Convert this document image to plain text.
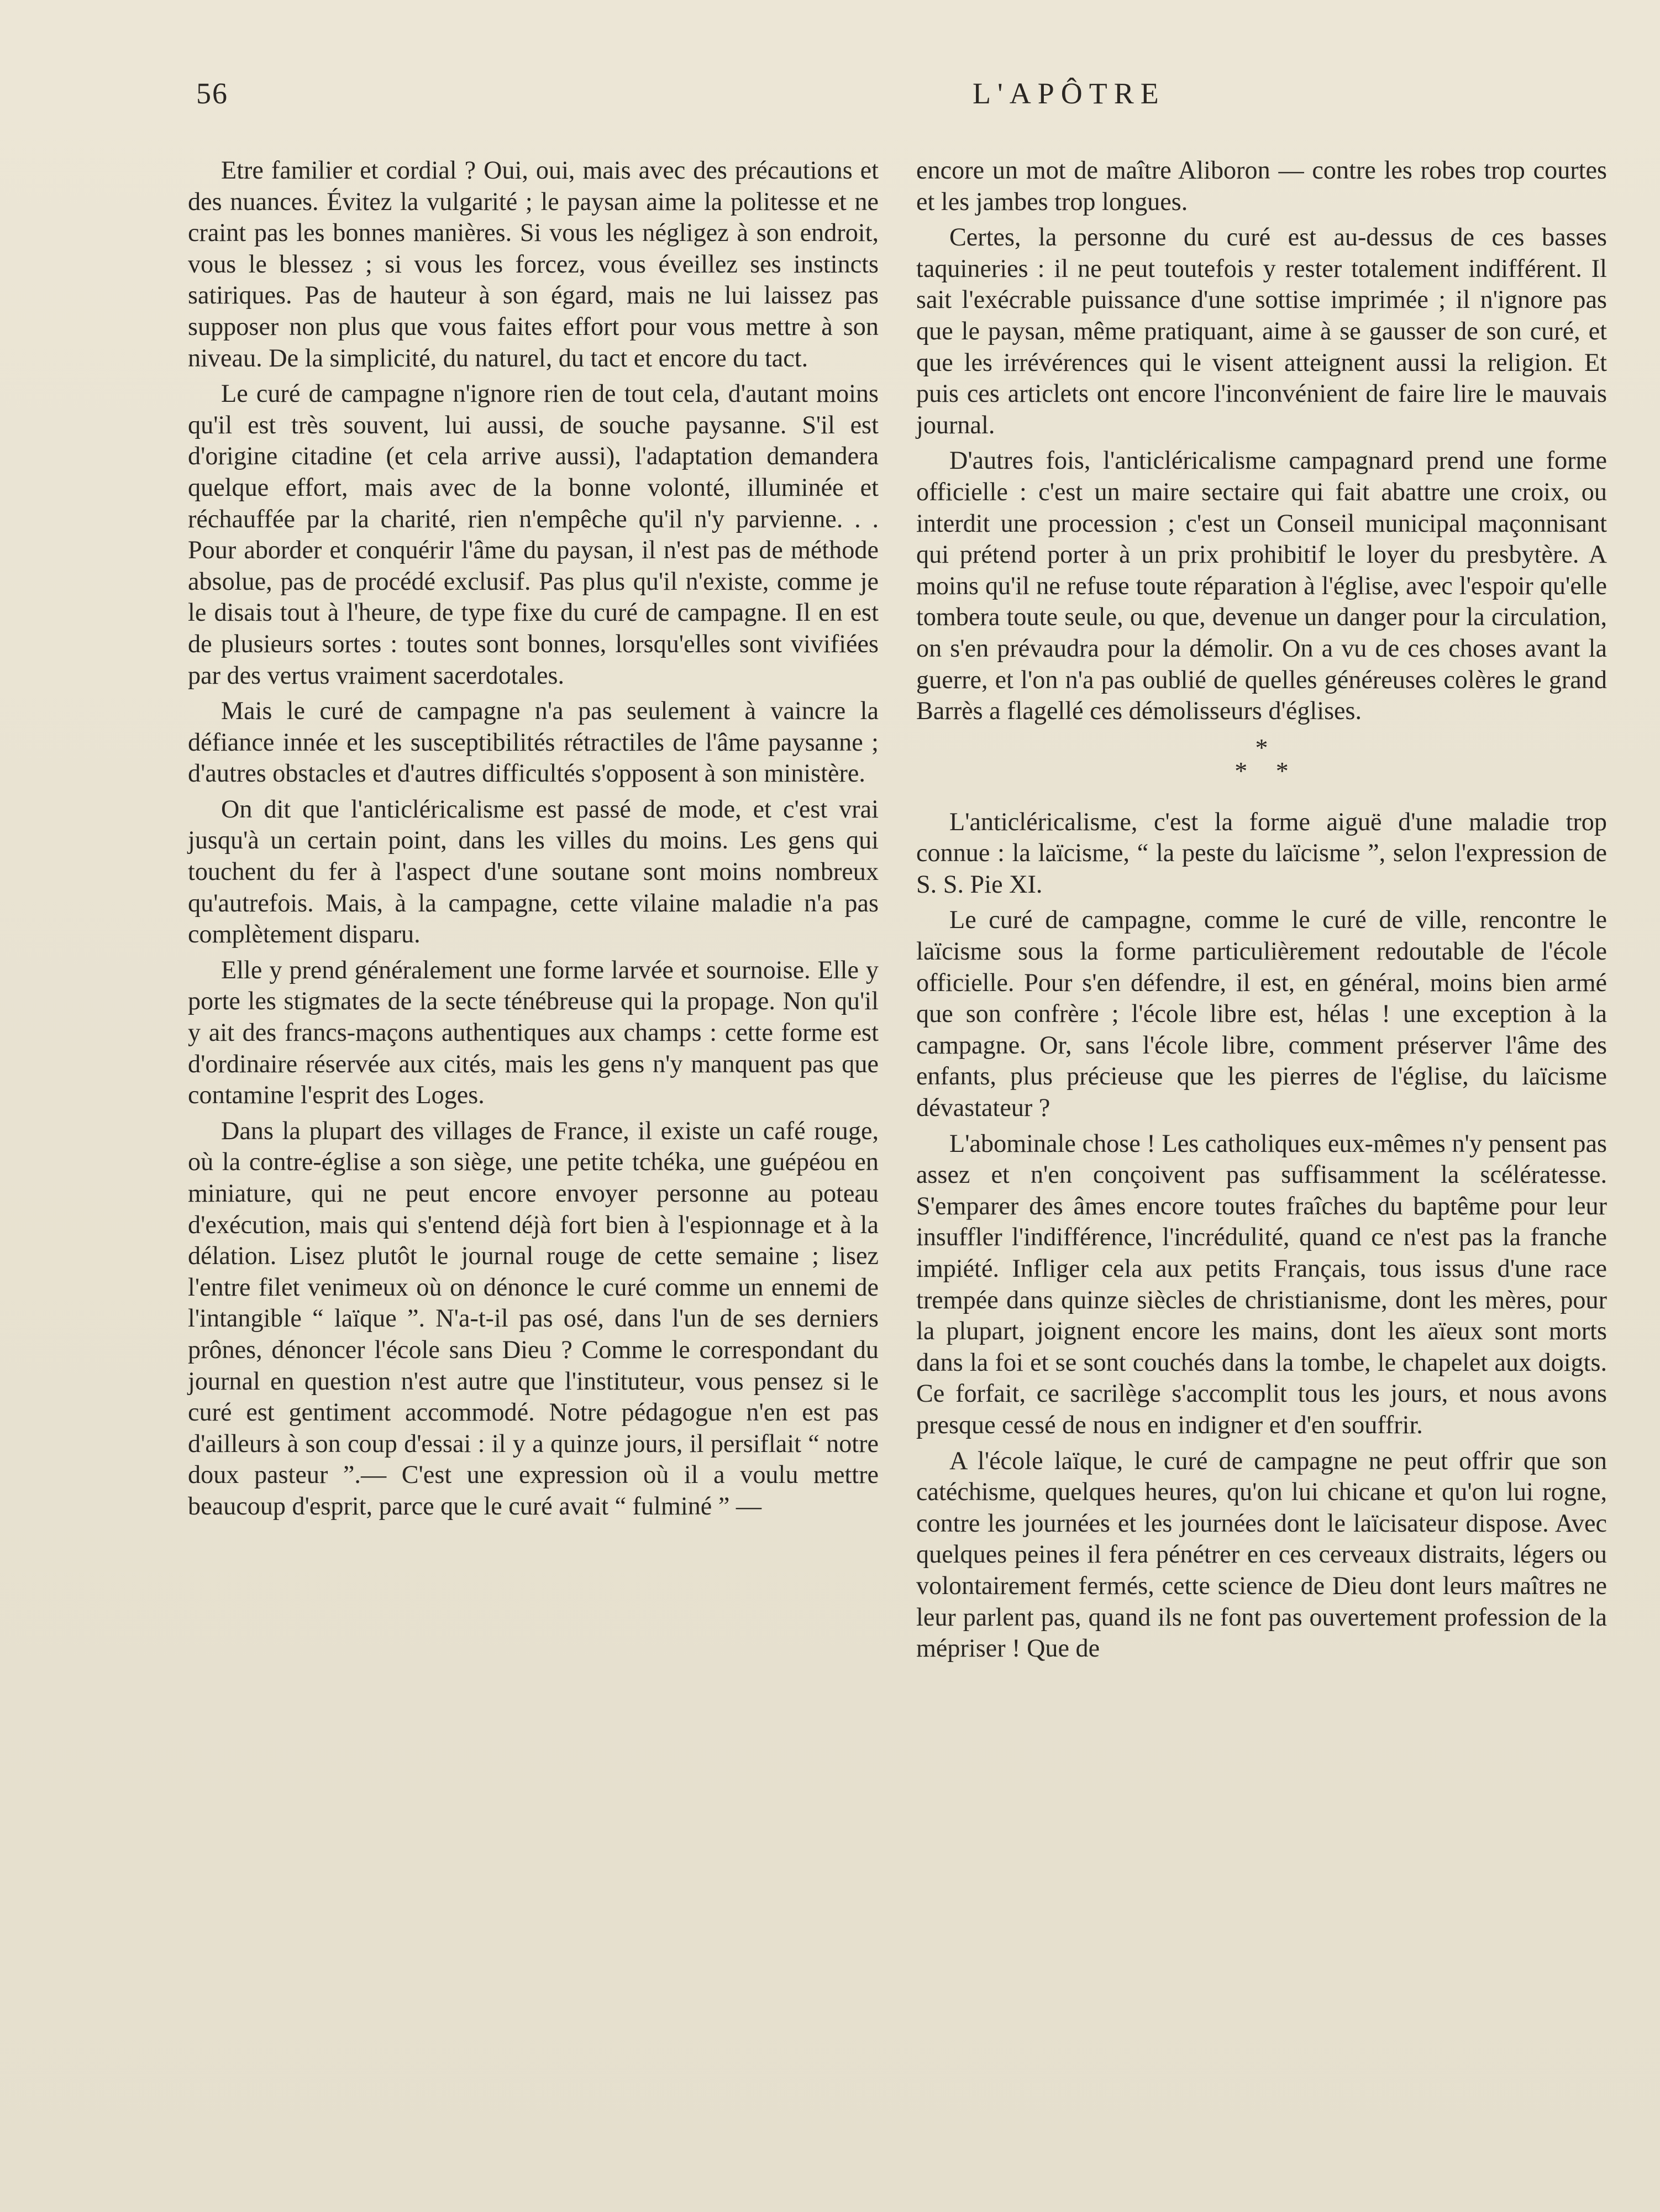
56	L'APÔTRE

Etre familier et cordial ? Oui, oui, mais avec des précautions et des nuances. Évitez la vulgarité ; le paysan aime la politesse et ne craint pas les bonnes manières. Si vous les négligez à son endroit, vous le blessez ; si vous les forcez, vous éveillez ses instincts satiriques. Pas de hauteur à son égard, mais ne lui laissez pas supposer non plus que vous faites effort pour vous mettre à son niveau. De la simplicité, du naturel, du tact et encore du tact.

Le curé de campagne n'ignore rien de tout cela, d'autant moins qu'il est très souvent, lui aussi, de souche paysanne. S'il est d'origine citadine (et cela arrive aussi), l'adaptation demandera quelque effort, mais avec de la bonne volonté, illuminée et réchauffée par la charité, rien n'empêche qu'il n'y parvienne. . . Pour aborder et conquérir l'âme du paysan, il n'est pas de méthode absolue, pas de procédé exclusif. Pas plus qu'il n'existe, comme je le disais tout à l'heure, de type fixe du curé de campagne. Il en est de plusieurs sortes : toutes sont bonnes, lorsqu'elles sont vivifiées par des vertus vraiment sacerdotales.

Mais le curé de campagne n'a pas seulement à vaincre la défiance innée et les susceptibilités rétractiles de l'âme paysanne ; d'autres obstacles et d'autres difficultés s'opposent à son ministère.

On dit que l'anticléricalisme est passé de mode, et c'est vrai jusqu'à un certain point, dans les villes du moins. Les gens qui touchent du fer à l'aspect d'une soutane sont moins nombreux qu'autrefois. Mais, à la campagne, cette vilaine maladie n'a pas complètement disparu.

Elle y prend généralement une forme larvée et sournoise. Elle y porte les stigmates de la secte ténébreuse qui la propage. Non qu'il y ait des francs-maçons authentiques aux champs : cette forme est d'ordinaire réservée aux cités, mais les gens n'y manquent pas que contamine l'esprit des Loges.

Dans la plupart des villages de France, il existe un café rouge, où la contre-église a son siège, une petite tchéka, une guépéou en miniature, qui ne peut encore envoyer personne au poteau d'exécution, mais qui s'entend déjà fort bien à l'espionnage et à la délation. Lisez plutôt le journal rouge de cette semaine ; lisez l'entre filet venimeux où on dénonce le curé comme un ennemi de l'intangible “ laïque ”. N'a-t-il pas osé, dans l'un de ses derniers prônes, dénoncer l'école sans Dieu ? Comme le correspondant du journal en question n'est autre que l'instituteur, vous pensez si le curé est gentiment accommodé. Notre pédagogue n'en est pas d'ailleurs à son coup d'essai : il y a quinze jours, il persiflait “ notre doux pasteur ”.— C'est une expression où il a voulu mettre beaucoup d'esprit, parce que le curé avait “ fulminé ” —

encore un mot de maître Aliboron — contre les robes trop courtes et les jambes trop longues.

Certes, la personne du curé est au-dessus de ces basses taquineries : il ne peut toutefois y rester totalement indifférent. Il sait l'exécrable puissance d'une sottise imprimée ; il n'ignore pas que le paysan, même pratiquant, aime à se gausser de son curé, et que les irrévérences qui le visent atteignent aussi la religion. Et puis ces articlets ont encore l'inconvénient de faire lire le mauvais journal.

D'autres fois, l'anticléricalisme campagnard prend une forme officielle : c'est un maire sectaire qui fait abattre une croix, ou interdit une procession ; c'est un Conseil municipal maçonnisant qui prétend porter à un prix prohibitif le loyer du presbytère. A moins qu'il ne refuse toute réparation à l'église, avec l'espoir qu'elle tombera toute seule, ou que, devenue un danger pour la circulation, on s'en prévaudra pour la démolir. On a vu de ces choses avant la guerre, et l'on n'a pas oublié de quelles généreuses colères le grand Barrès a flagellé ces démolisseurs d'églises.

*
* *

L'anticléricalisme, c'est la forme aiguë d'une maladie trop connue : la laïcisme, “ la peste du laïcisme ”, selon l'expression de S. S. Pie XI.

Le curé de campagne, comme le curé de ville, rencontre le laïcisme sous la forme particulièrement redoutable de l'école officielle. Pour s'en défendre, il est, en général, moins bien armé que son confrère ; l'école libre est, hélas ! une exception à la campagne. Or, sans l'école libre, comment préserver l'âme des enfants, plus précieuse que les pierres de l'église, du laïcisme dévastateur ?

L'abominale chose ! Les catholiques eux-mêmes n'y pensent pas assez et n'en conçoivent pas suffisamment la scélératesse. S'emparer des âmes encore toutes fraîches du baptême pour leur insuffler l'indifférence, l'incrédulité, quand ce n'est pas la franche impiété. Infliger cela aux petits Français, tous issus d'une race trempée dans quinze siècles de christianisme, dont les mères, pour la plupart, joignent encore les mains, dont les aïeux sont morts dans la foi et se sont couchés dans la tombe, le chapelet aux doigts. Ce forfait, ce sacrilège s'accomplit tous les jours, et nous avons presque cessé de nous en indigner et d'en souffrir.

A l'école laïque, le curé de campagne ne peut offrir que son catéchisme, quelques heures, qu'on lui chicane et qu'on lui rogne, contre les journées et les journées dont le laïcisateur dispose. Avec quelques peines il fera pénétrer en ces cerveaux distraits, légers ou volontairement fermés, cette science de Dieu dont leurs maîtres ne leur parlent pas, quand ils ne font pas ouvertement profession de la mépriser ! Que de
